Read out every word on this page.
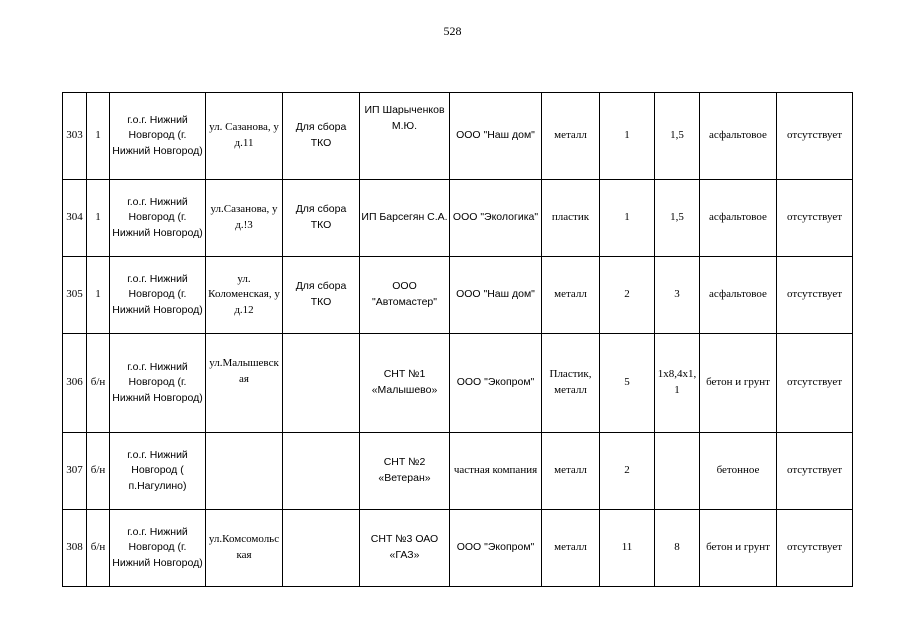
528
303	1	г.о.г. Нижний Новгород (г. Нижний Новгород)	ул. Сазанова, у д.11	Для сбора ТКО	ИП Шарыченков М.Ю.	ООО "Наш дом"	металл	1	1,5	асфальтовое	отсутствует
304	1	г.о.г. Нижний Новгород (г. Нижний Новгород)	ул.Сазанова, у д.!3	Для сбора ТКО	ИП Барсегян С.А.	ООО "Экологика"	пластик	1	1,5	асфальтовое	отсутствует
305	1	г.о.г. Нижний Новгород (г. Нижний Новгород)	ул. Коломенская, у д.12	Для сбора ТКО	ООО "Автомастер"	ООО "Наш дом"	металл	2	3	асфальтовое	отсутствует
306	б/н	г.о.г. Нижний Новгород (г. Нижний Новгород)	ул.Малышевская		СНТ №1 «Малышево»	ООО "Экопром"	Пластик, металл	5	1х8,4х1,1	бетон и грунт	отсутствует
307	б/н	г.о.г. Нижний Новгород ( п.Нагулино)			СНТ №2 «Ветеран»	частная компания	металл	2		бетонное	отсутствует
308	б/н	г.о.г. Нижний Новгород (г. Нижний Новгород)	ул.Комсомольская		СНТ №3 ОАО «ГАЗ»	ООО "Экопром"	металл	11	8	бетон и грунт	отсутствует
